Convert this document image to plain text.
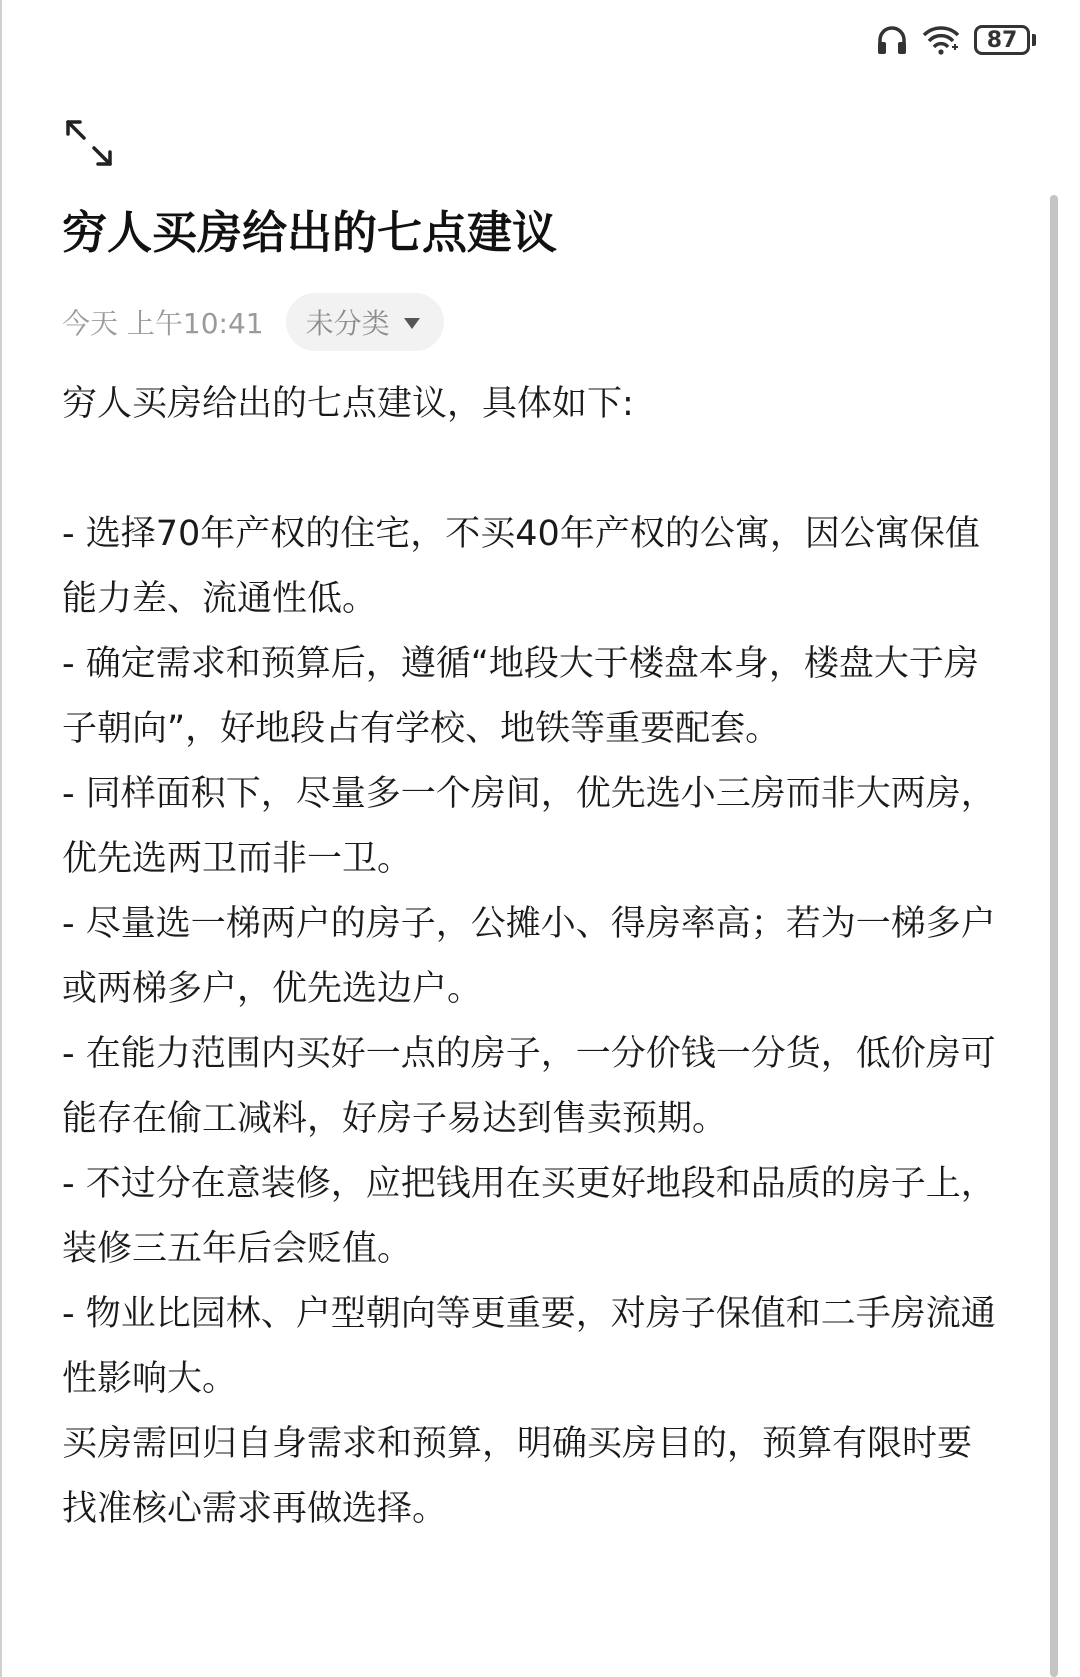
87
穷人买房给出的七点建议
今天 上午10:41 未分类

穷人买房给出的七点建议，具体如下:

- 选择70年产权的住宅，不买40年产权的公寓，因公寓保值能力差、流通性低。

- 确定需求和预算后，遵循“地段大于楼盘本身，楼盘大于房子朝向”，好地段占有学校、地铁等重要配套。

- 同样面积下，尽量多一个房间，优先选小三房而非大两房，优先选两卫而非一卫。

- 尽量选一梯两户的房子，公摊小、得房率高；若为一梯多户或两梯多户，优先选边户。

- 在能力范围内买好一点的房子，一分价钱一分货，低价房可能存在偷工减料，好房子易达到售卖预期。

- 不过分在意装修，应把钱用在买更好地段和品质的房子上，装修三五年后会贬值。

- 物业比园林、户型朝向等更重要，对房子保值和二手房流通性影响大。

买房需回归自身需求和预算，明确买房目的，预算有限时要找准核心需求再做选择。
